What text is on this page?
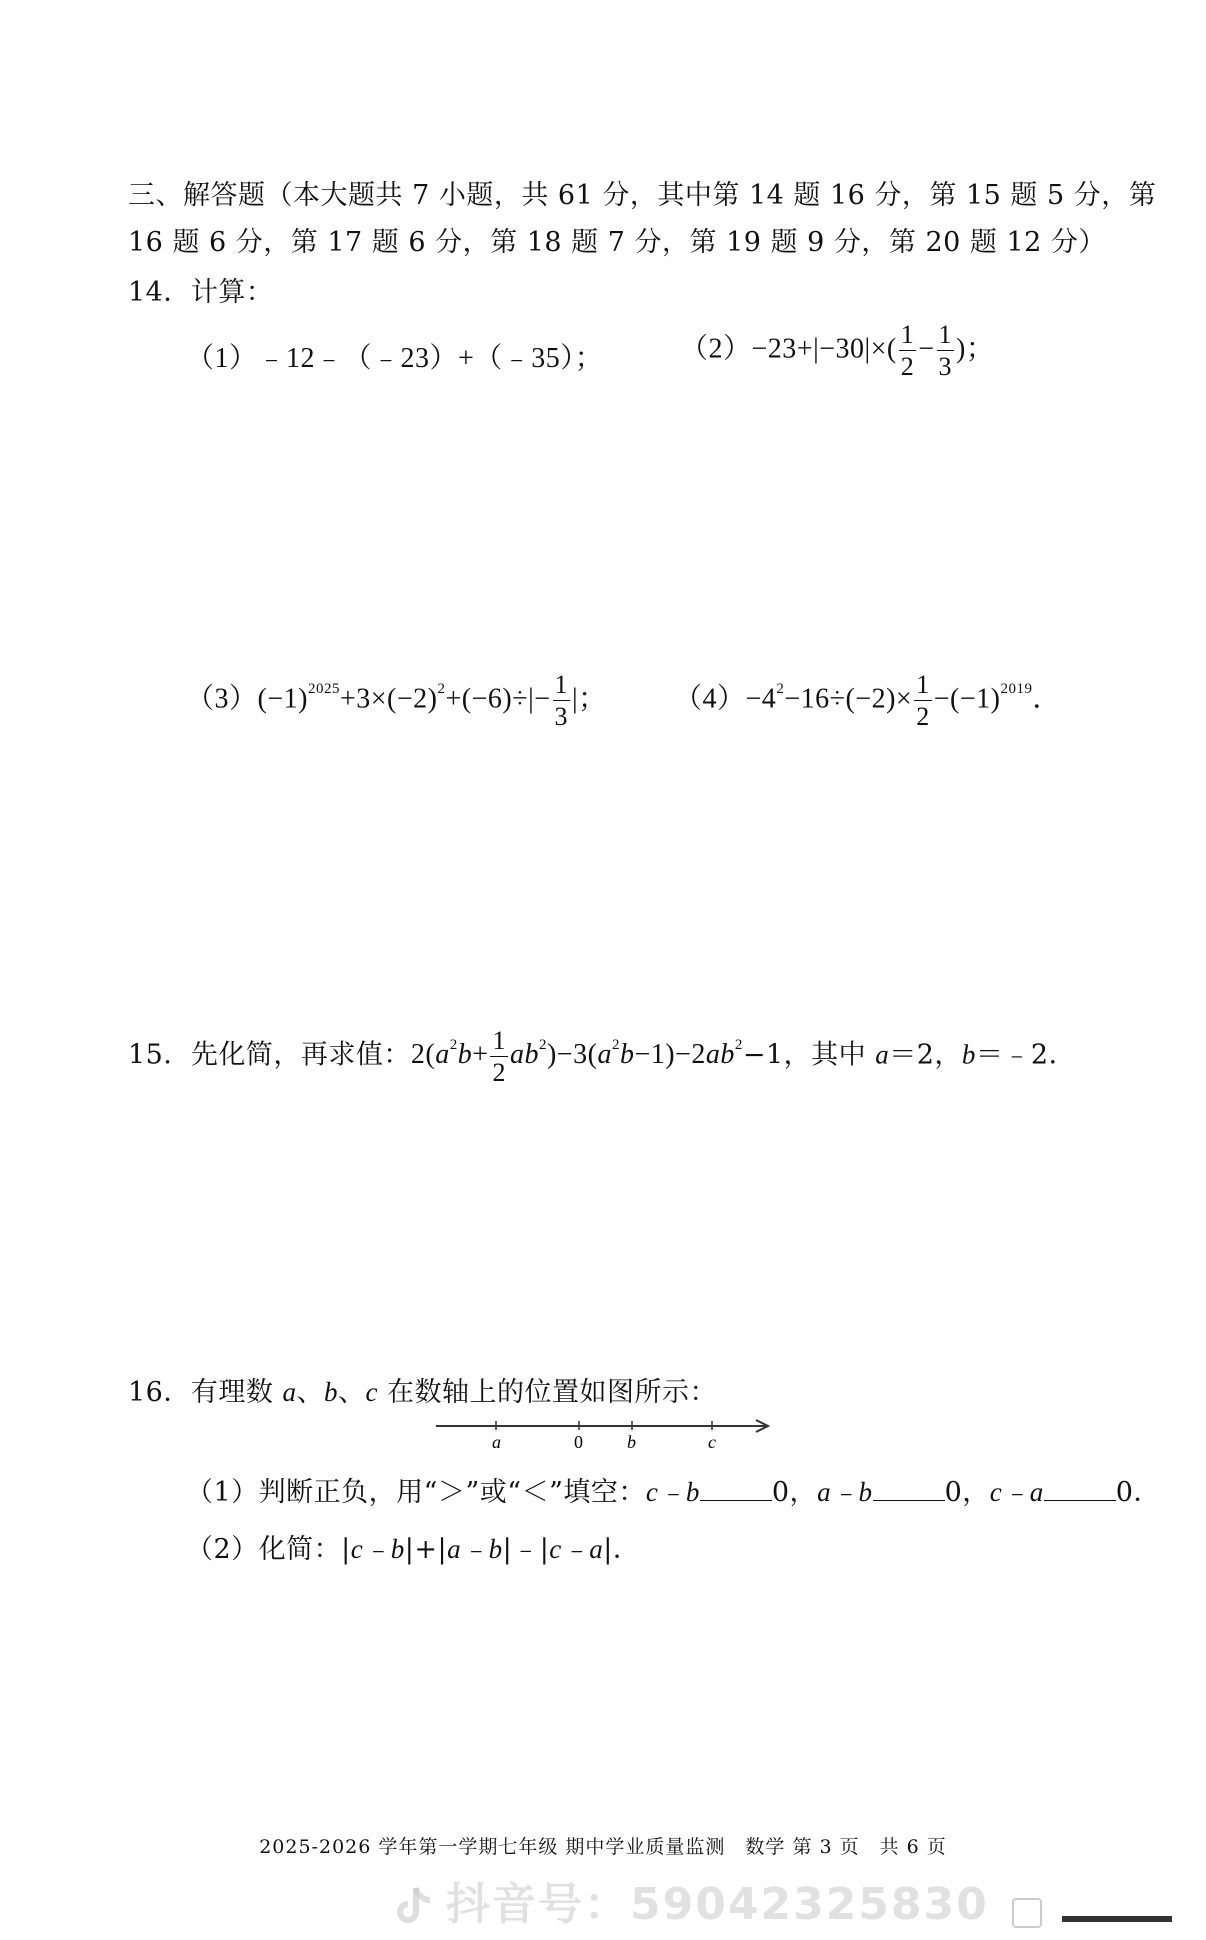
三、解答题（本大题共 7 小题，共 61 分，其中第 14 题 16 分，第 15 题 5 分，第
16 题 6 分，第 17 题 6 分，第 18 题 7 分，第 19 题 9 分，第 20 题 12 分）
14．计算：
（1）﹣12﹣（﹣23）+（﹣35）；	$(2)-23+|-30|\times( \frac{1}{2} - \frac{1}{3}$ )；
$(3)(-1)^{2025}+3\times(-2)^2+(-6)\div|- \frac{1}{3}$ |； $(4)-4^2-16\div(-2)\times \frac{1}{2} -(-1)^{2019}$．
15．先化简，再求值：$2(a^2b+ \frac{1}{2} ab^2)-3(a^2b-1)-2ab^2-1$，其中 a＝2，b＝﹣2．
16．有理数 a、b、c 在数轴上的位置如图所示：
a	0 b	c
（1）判断正负，用“＞”或“＜”填空：c﹣b	0，a﹣b	0，c﹣a	0．
（2）化简：|c﹣b|+|a﹣b|﹣|c﹣a|．
2025-2026 学年第一学期七年级 期中学业质量监测　数学 第 3 页　共 6 页
抖音号：59042325830
